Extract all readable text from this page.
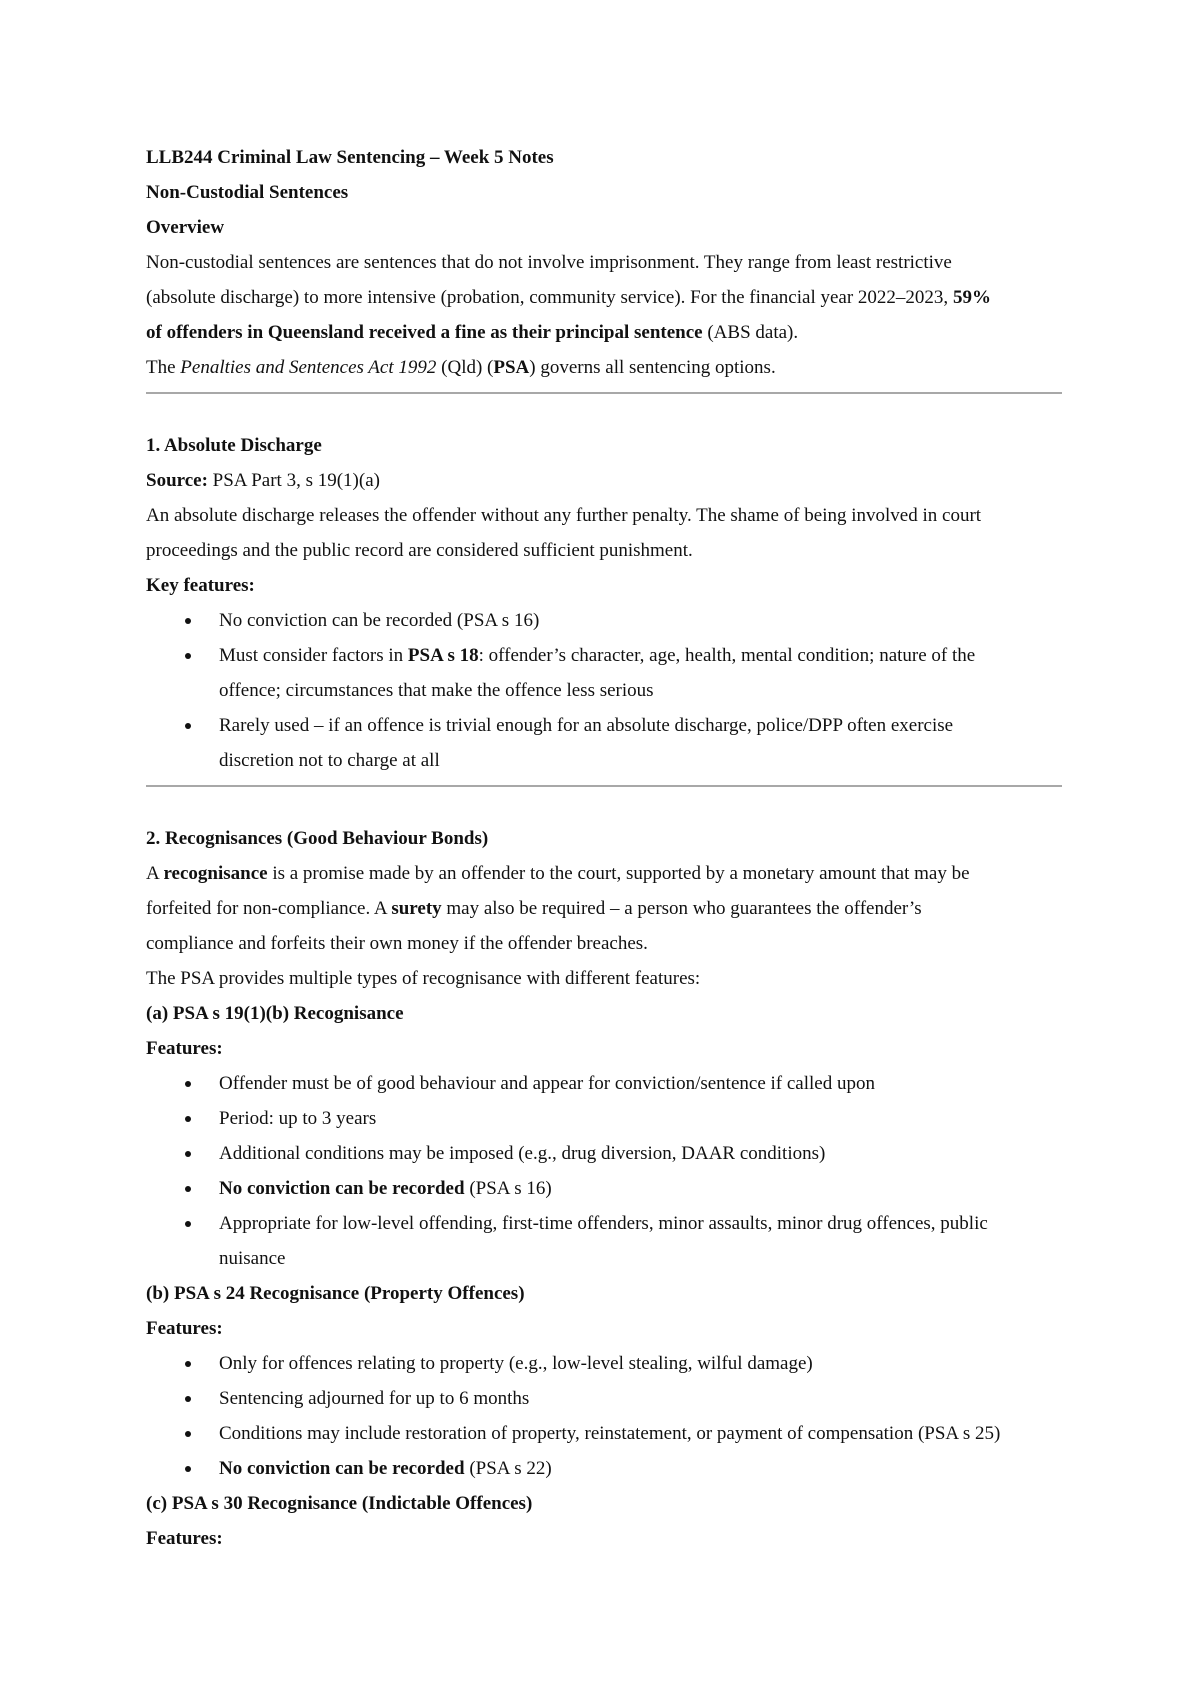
LLB244 Criminal Law Sentencing – Week 5 Notes
Non-Custodial Sentences
Overview
Non-custodial sentences are sentences that do not involve imprisonment. They range from least restrictive
(absolute discharge) to more intensive (probation, community service). For the financial year 2022–2023, 59%
of offenders in Queensland received a fine as their principal sentence (ABS data).
The Penalties and Sentences Act 1992 (Qld) (PSA) governs all sentencing options.
1. Absolute Discharge
Source: PSA Part 3, s 19(1)(a)
An absolute discharge releases the offender without any further penalty. The shame of being involved in court
proceedings and the public record are considered sufficient punishment.
Key features:
No conviction can be recorded (PSA s 16)
Must consider factors in PSA s 18: offender’s character, age, health, mental condition; nature of the
offence; circumstances that make the offence less serious
Rarely used – if an offence is trivial enough for an absolute discharge, police/DPP often exercise
discretion not to charge at all
2. Recognisances (Good Behaviour Bonds)
A recognisance is a promise made by an offender to the court, supported by a monetary amount that may be
forfeited for non-compliance. A surety may also be required – a person who guarantees the offender’s
compliance and forfeits their own money if the offender breaches.
The PSA provides multiple types of recognisance with different features:
(a) PSA s 19(1)(b) Recognisance
Features:
Offender must be of good behaviour and appear for conviction/sentence if called upon
Period: up to 3 years
Additional conditions may be imposed (e.g., drug diversion, DAAR conditions)
No conviction can be recorded (PSA s 16)
Appropriate for low-level offending, first-time offenders, minor assaults, minor drug offences, public
nuisance
(b) PSA s 24 Recognisance (Property Offences)
Features:
Only for offences relating to property (e.g., low-level stealing, wilful damage)
Sentencing adjourned for up to 6 months
Conditions may include restoration of property, reinstatement, or payment of compensation (PSA s 25)
No conviction can be recorded (PSA s 22)
(c) PSA s 30 Recognisance (Indictable Offences)
Features:
